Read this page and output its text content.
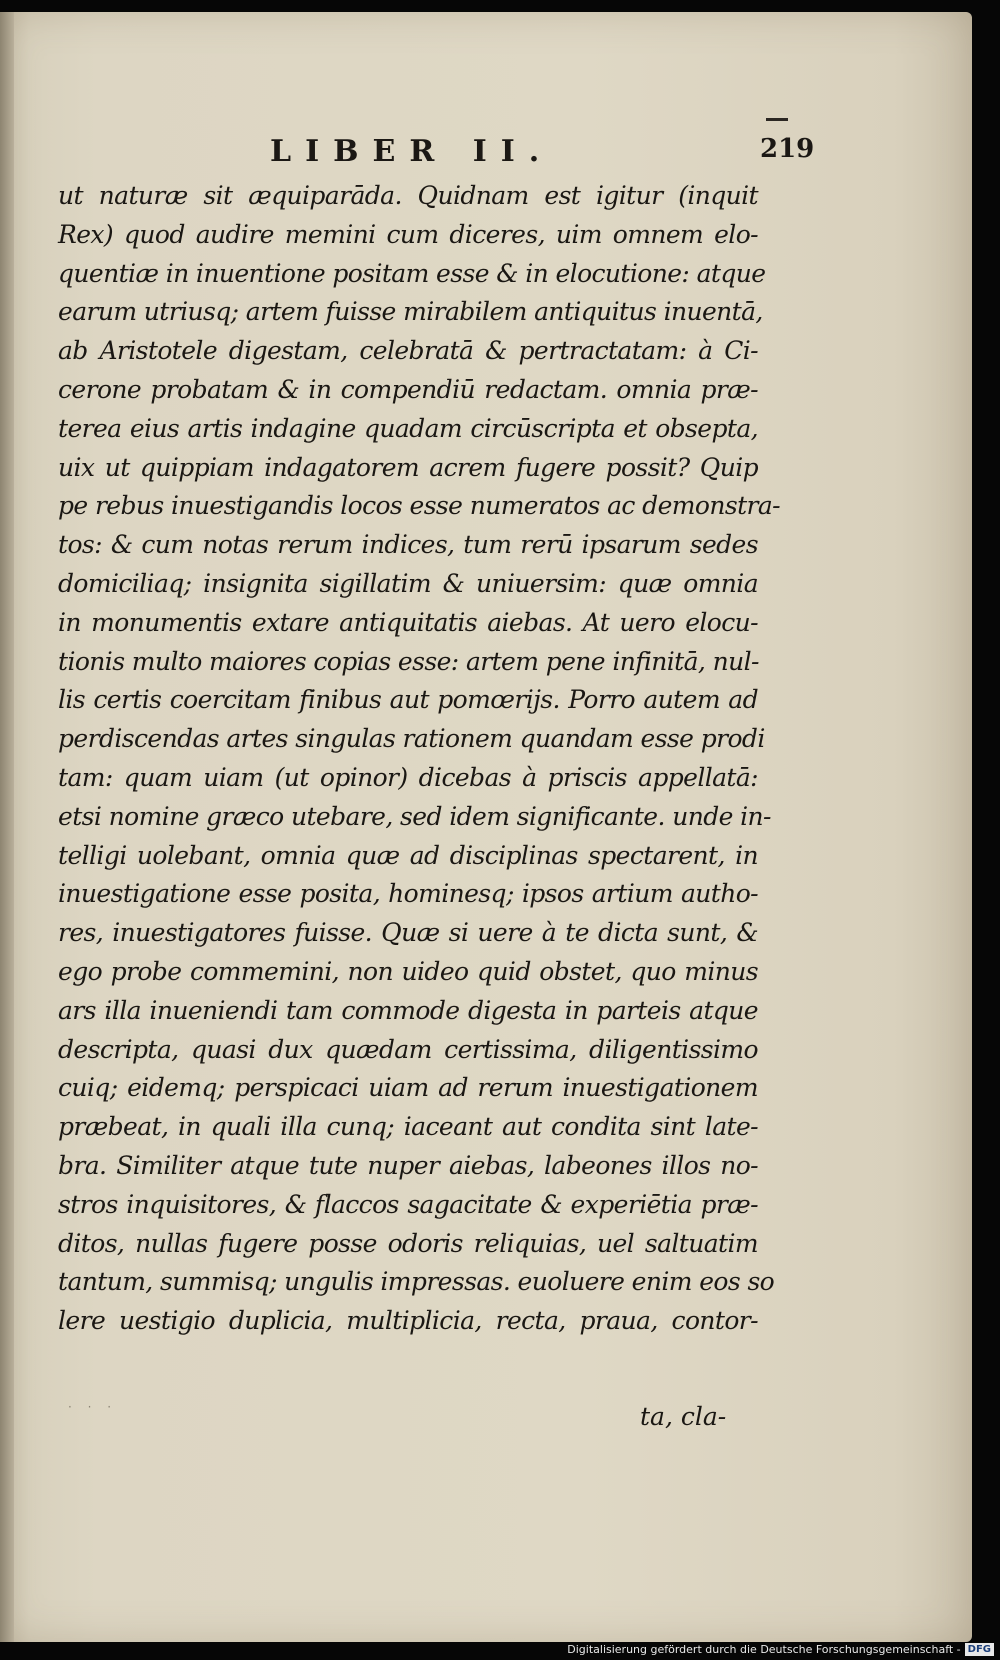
LIBER II.	219
ut naturæ sit æquiparāda. Quidnam est igitur (inquit
Rex) quod audire memini cum diceres, uim omnem elo-
quentiæ in inuentione positam esse & in elocutione: atque
earum utriusq; artem fuisse mirabilem antiquitus inuentā,
ab Aristotele digestam, celebratā & pertractatam: à Ci-
cerone probatam & in compendiū redactam. omnia præ-
terea eius artis indagine quadam circūscripta et obsepta,
uix ut quippiam indagatorem acrem fugere possit? Quip
pe rebus inuestigandis locos esse numeratos ac demonstra-
tos: & cum notas rerum indices, tum rerū ipsarum sedes
domiciliaq; insignita sigillatim & uniuersim: quæ omnia
in monumentis extare antiquitatis aiebas. At uero elocu-
tionis multo maiores copias esse: artem pene infinitā, nul-
lis certis coercitam finibus aut pomœrijs. Porro autem ad
perdiscendas artes singulas rationem quandam esse prodi
tam: quam uiam (ut opinor) dicebas à priscis appellatā:
etsi nomine græco utebare, sed idem significante. unde in-
telligi uolebant, omnia quæ ad disciplinas spectarent, in
inuestigatione esse posita, hominesq; ipsos artium autho-
res, inuestigatores fuisse. Quæ si uere à te dicta sunt, &
ego probe commemini, non uideo quid obstet, quo minus
ars illa inueniendi tam commode digesta in parteis atque
descripta, quasi dux quædam certissima, diligentissimo
cuiq; eidemq; perspicaci uiam ad rerum inuestigationem
præbeat, in quali illa cunq; iaceant aut condita sint late-
bra. Similiter atque tute nuper aiebas, labeones illos no-
stros inquisitores, & flaccos sagacitate & experiētia præ-
ditos, nullas fugere posse odoris reliquias, uel saltuatim
tantum, summisq; ungulis impressas. euoluere enim eos so
lere uestigio duplicia, multiplicia, recta, praua, contor-
· · ·	ta, cla-
Digitalisierung gefördert durch die Deutsche Forschungsgemeinschaft - DFG
